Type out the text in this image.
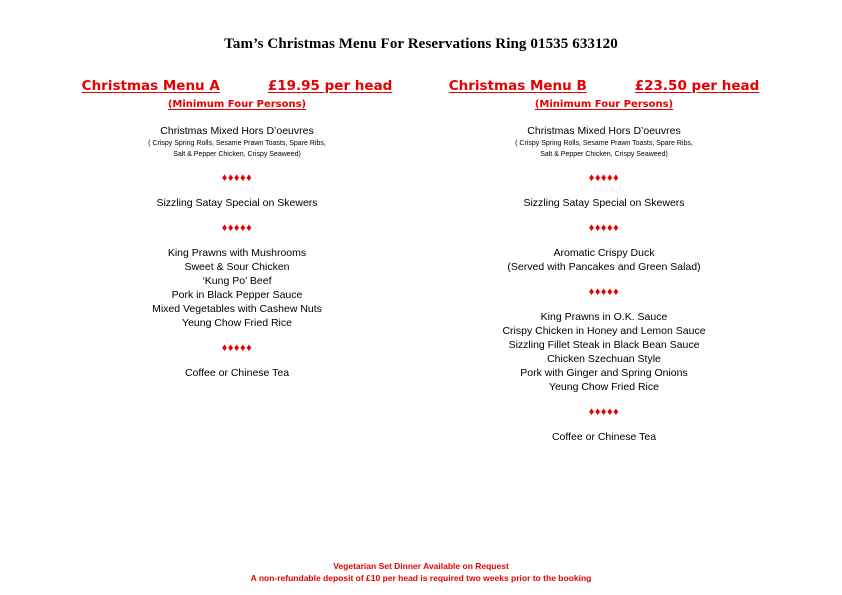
Tam’s Christmas Menu For Reservations Ring 01535 633120
Christmas Menu A	£19.95 per head
(Minimum Four Persons)
Christmas Mixed Hors D’oeuvres
( Crispy Spring Rolls, Sesame Prawn Toasts, Spare Ribs,
Salt & Pepper Chicken, Crispy Seaweed)
♦♦♦♦♦
Sizzling Satay Special on Skewers
♦♦♦♦♦
King Prawns with Mushrooms
Sweet & Sour Chicken
‘Kung Po’ Beef
Pork in Black Pepper Sauce
Mixed Vegetables with Cashew Nuts
Yeung Chow Fried Rice
♦♦♦♦♦
Coffee or Chinese Tea
Christmas Menu B	£23.50 per head
(Minimum Four Persons)
Christmas Mixed Hors D’oeuvres
( Crispy Spring Rolls, Sesame Prawn Toasts, Spare Ribs,
Salt & Pepper Chicken, Crispy Seaweed)
♦♦♦♦♦
Sizzling Satay Special on Skewers
♦♦♦♦♦
Aromatic Crispy Duck
(Served with Pancakes and Green Salad)
♦♦♦♦♦
King Prawns in O.K. Sauce
Crispy Chicken in Honey and Lemon Sauce
Sizzling Fillet Steak in Black Bean Sauce
Chicken Szechuan Style
Pork with Ginger and Spring Onions
Yeung Chow Fried Rice
♦♦♦♦♦
Coffee or Chinese Tea
Vegetarian Set Dinner Available on Request
A non-refundable deposit of £10 per head is required two weeks prior to the booking
